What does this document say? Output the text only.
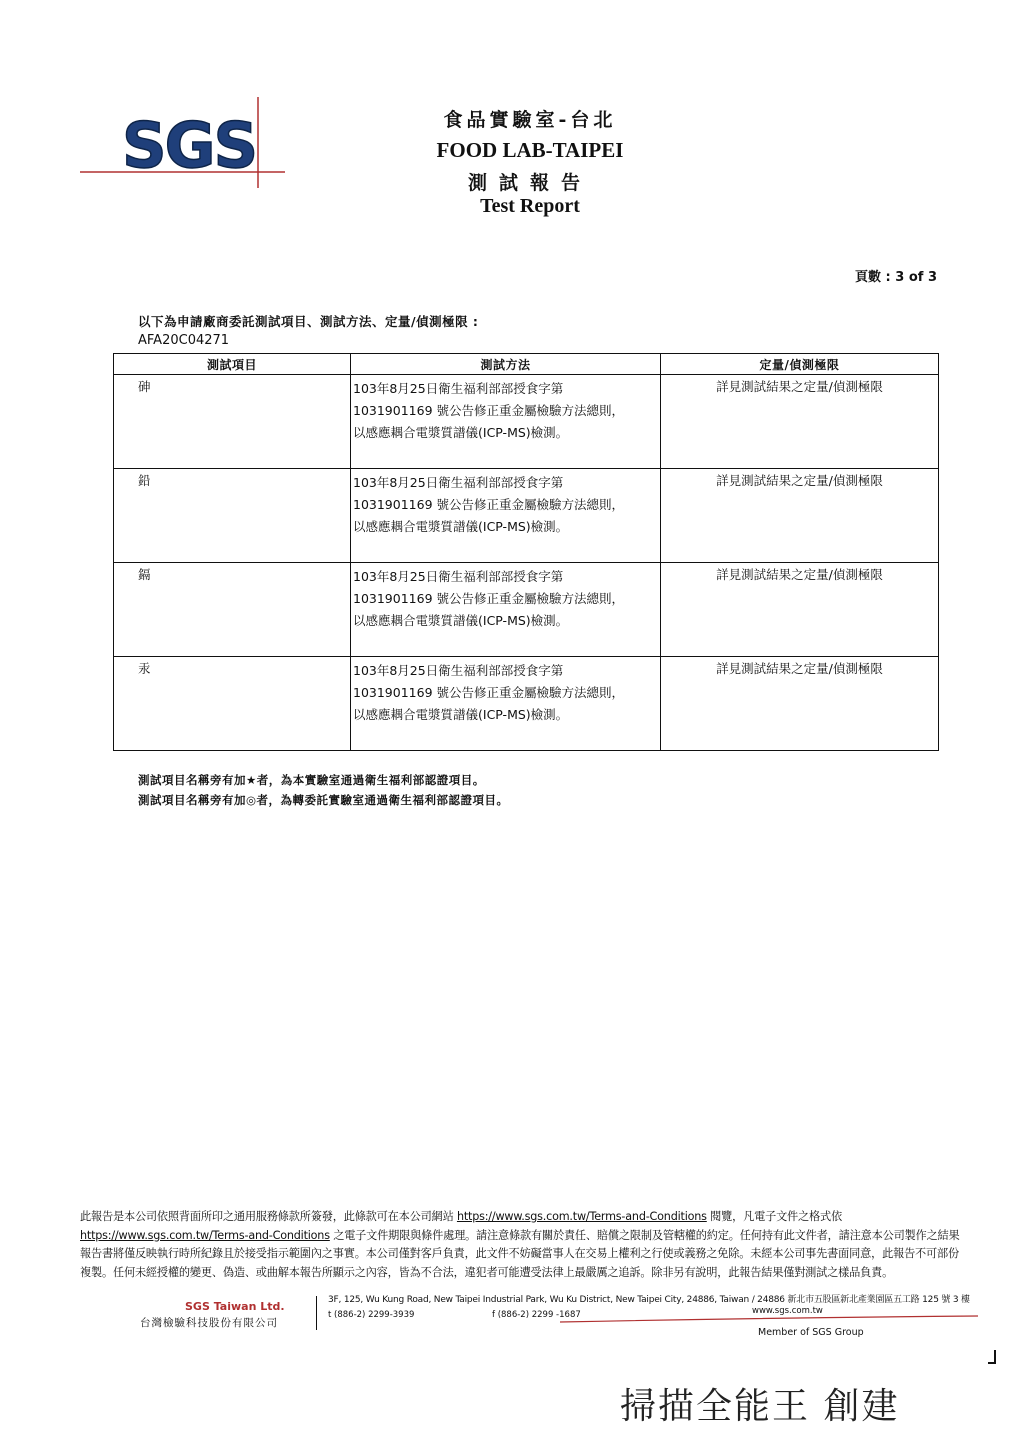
SGS	食品實驗室-台北
FOOD LAB-TAIPEI
測試報告
Test Report
頁數 : 3 of 3
以下為申請廠商委託測試項目、測試方法、定量/偵測極限 :
AFA20C04271
測試項目	測試方法	定量/偵測極限
砷	103年8月25日衛生福利部部授食字第
1031901169 號公告修正重金屬檢驗方法總則，
以感應耦合電漿質譜儀(ICP-MS)檢測。	詳見測試結果之定量/偵測極限
鉛	103年8月25日衛生福利部部授食字第
1031901169 號公告修正重金屬檢驗方法總則，
以感應耦合電漿質譜儀(ICP-MS)檢測。	詳見測試結果之定量/偵測極限
鎘	103年8月25日衛生福利部部授食字第
1031901169 號公告修正重金屬檢驗方法總則，
以感應耦合電漿質譜儀(ICP-MS)檢測。	詳見測試結果之定量/偵測極限
汞	103年8月25日衛生福利部部授食字第
1031901169 號公告修正重金屬檢驗方法總則，
以感應耦合電漿質譜儀(ICP-MS)檢測。	詳見測試結果之定量/偵測極限
測試項目名稱旁有加★者，為本實驗室通過衛生福利部認證項目。
測試項目名稱旁有加◎者，為轉委託實驗室通過衛生福利部認證項目。
此報告是本公司依照背面所印之通用服務條款所簽發，此條款可在本公司網站 https://www.sgs.com.tw/Terms-and-Conditions 閱覽，凡電子文件之格式依
https://www.sgs.com.tw/Terms-and-Conditions 之電子文件期限與條件處理。請注意條款有關於責任、賠償之限制及管轄權的約定。任何持有此文件者，請注意本公司製作之結果報告書將僅反映執行時所紀錄且於接受指示範圍內之事實。本公司僅對客戶負責，此文件不妨礙當事人在交易上權利之行使或義務之免除。未經本公司事先書面同意，此報告不可部份複製。任何未經授權的變更、偽造、或曲解本報告所顯示之內容，皆為不合法，違犯者可能遭受法律上最嚴厲之追訴。除非另有說明，此報告結果僅對測試之樣品負責。
SGS Taiwan Ltd.
台灣檢驗科技股份有限公司
3F, 125, Wu Kung Road, New Taipei Industrial Park, Wu Ku District, New Taipei City, 24886, Taiwan / 24886 新北市五股區新北產業園區五工路 125 號 3 樓
t (886-2) 2299-3939	f (886-2) 2299 -1687	www.sgs.com.tw
Member of SGS Group
掃描全能王 創建
